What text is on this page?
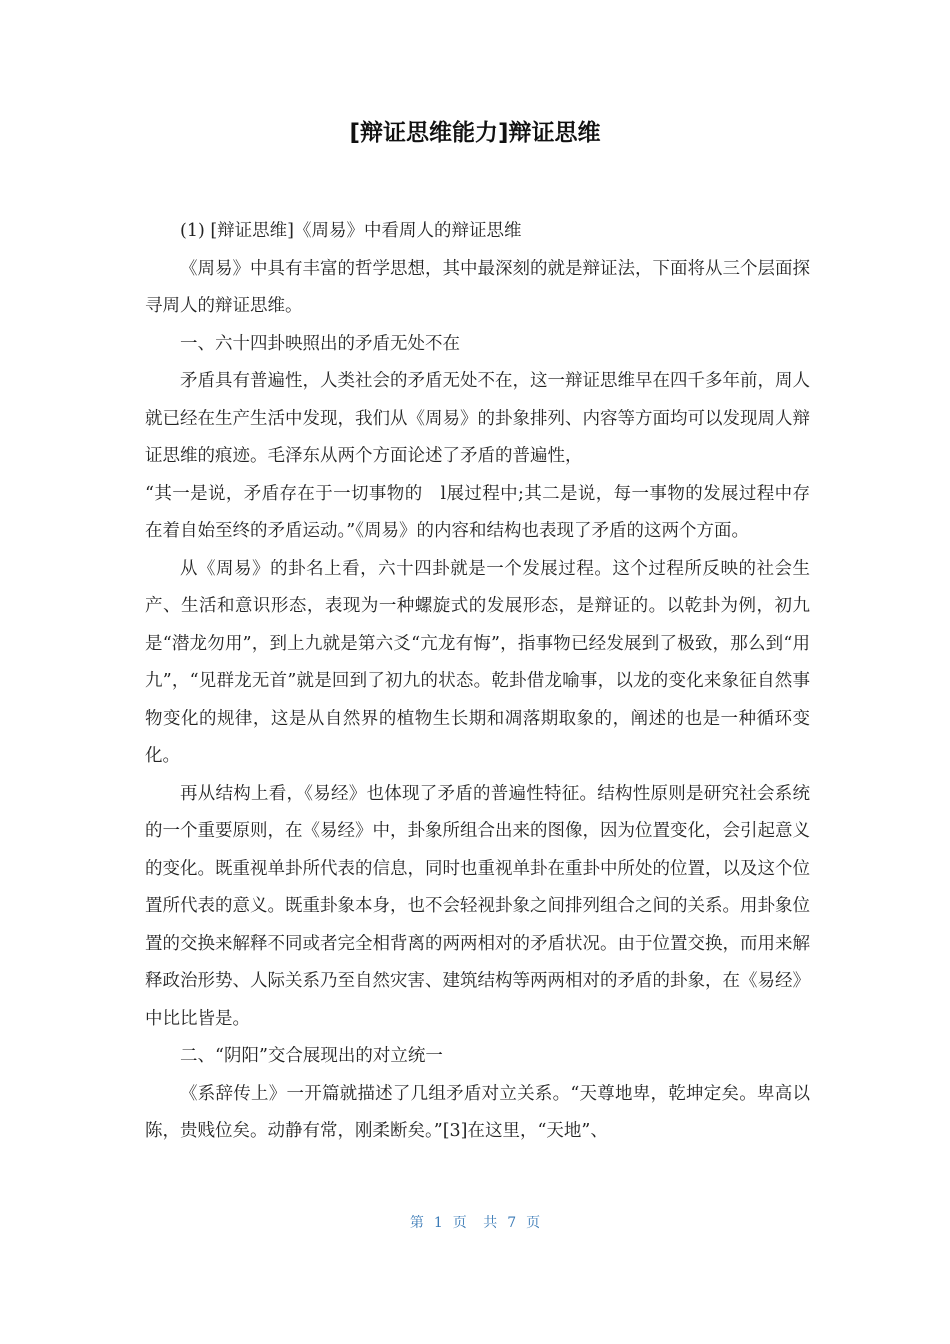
[辩证思维能力]辩证思维

(1) [辩证思维]《周易》中看周人的辩证思维

《周易》中具有丰富的哲学思想，其中最深刻的就是辩证法，下面将从三个层面探寻周人的辩证思维。

一、六十四卦映照出的矛盾无处不在

矛盾具有普遍性，人类社会的矛盾无处不在，这一辩证思维早在四千多年前，周人就已经在生产生活中发现，我们从《周易》的卦象排列、内容等方面均可以发现周人辩证思维的痕迹。毛泽东从两个方面论述了矛盾的普遍性，

“其一是说，矛盾存在于一切事物的　l展过程中;其二是说，每一事物的发展过程中存在着自始至终的矛盾运动。”《周易》的内容和结构也表现了矛盾的这两个方面。

从《周易》的卦名上看，六十四卦就是一个发展过程。这个过程所反映的社会生产、生活和意识形态，表现为一种螺旋式的发展形态，是辩证的。以乾卦为例，初九是“潜龙勿用”，到上九就是第六爻“亢龙有悔”，指事物已经发展到了极致，那么到“用九”，“见群龙无首”就是回到了初九的状态。乾卦借龙喻事，以龙的变化来象征自然事物变化的规律，这是从自然界的植物生长期和凋落期取象的，阐述的也是一种循环变化。

再从结构上看，《易经》也体现了矛盾的普遍性特征。结构性原则是研究社会系统的一个重要原则，在《易经》中，卦象所组合出来的图像，因为位置变化，会引起意义的变化。既重视单卦所代表的信息，同时也重视单卦在重卦中所处的位置，以及这个位置所代表的意义。既重卦象本身，也不会轻视卦象之间排列组合之间的关系。用卦象位置的交换来解释不同或者完全相背离的两两相对的矛盾状况。由于位置交换，而用来解释政治形势、人际关系乃至自然灾害、建筑结构等两两相对的矛盾的卦象，在《易经》中比比皆是。

二、“阴阳”交合展现出的对立统一

《系辞传上》一开篇就描述了几组矛盾对立关系。“天尊地卑，乾坤定矣。卑高以陈，贵贱位矣。动静有常，刚柔断矣。”[3]在这里，“天地”、

第 1 页 共 7 页
